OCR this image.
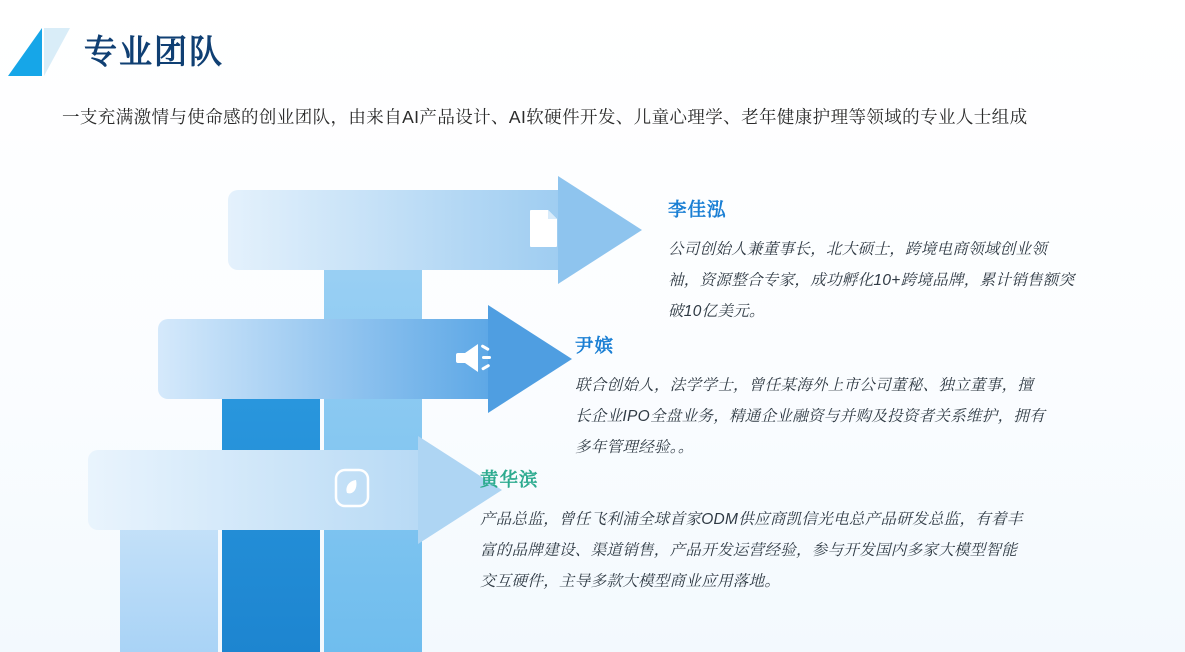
专业团队
一支充满激情与使命感的创业团队，由来自AI产品设计、AI软硬件开发、儿童心理学、老年健康护理等领域的专业人士组成
李佳泓
公司创始人兼董事长，北大硕士，跨境电商领域创业领袖，资源整合专家，成功孵化10+跨境品牌，累计销售额突破10亿美元。
尹嫔
联合创始人，法学学士，曾任某海外上市公司董秘、独立董事，擅长企业IPO全盘业务，精通企业融资与并购及投资者关系维护，拥有多年管理经验。。
黄华滨
产品总监，曾任飞利浦全球首家ODM供应商凯信光电总产品研发总监，有着丰富的品牌建设、渠道销售，产品开发运营经验，参与开发国内多家大模型智能交互硬件，主导多款大模型商业应用落地。
